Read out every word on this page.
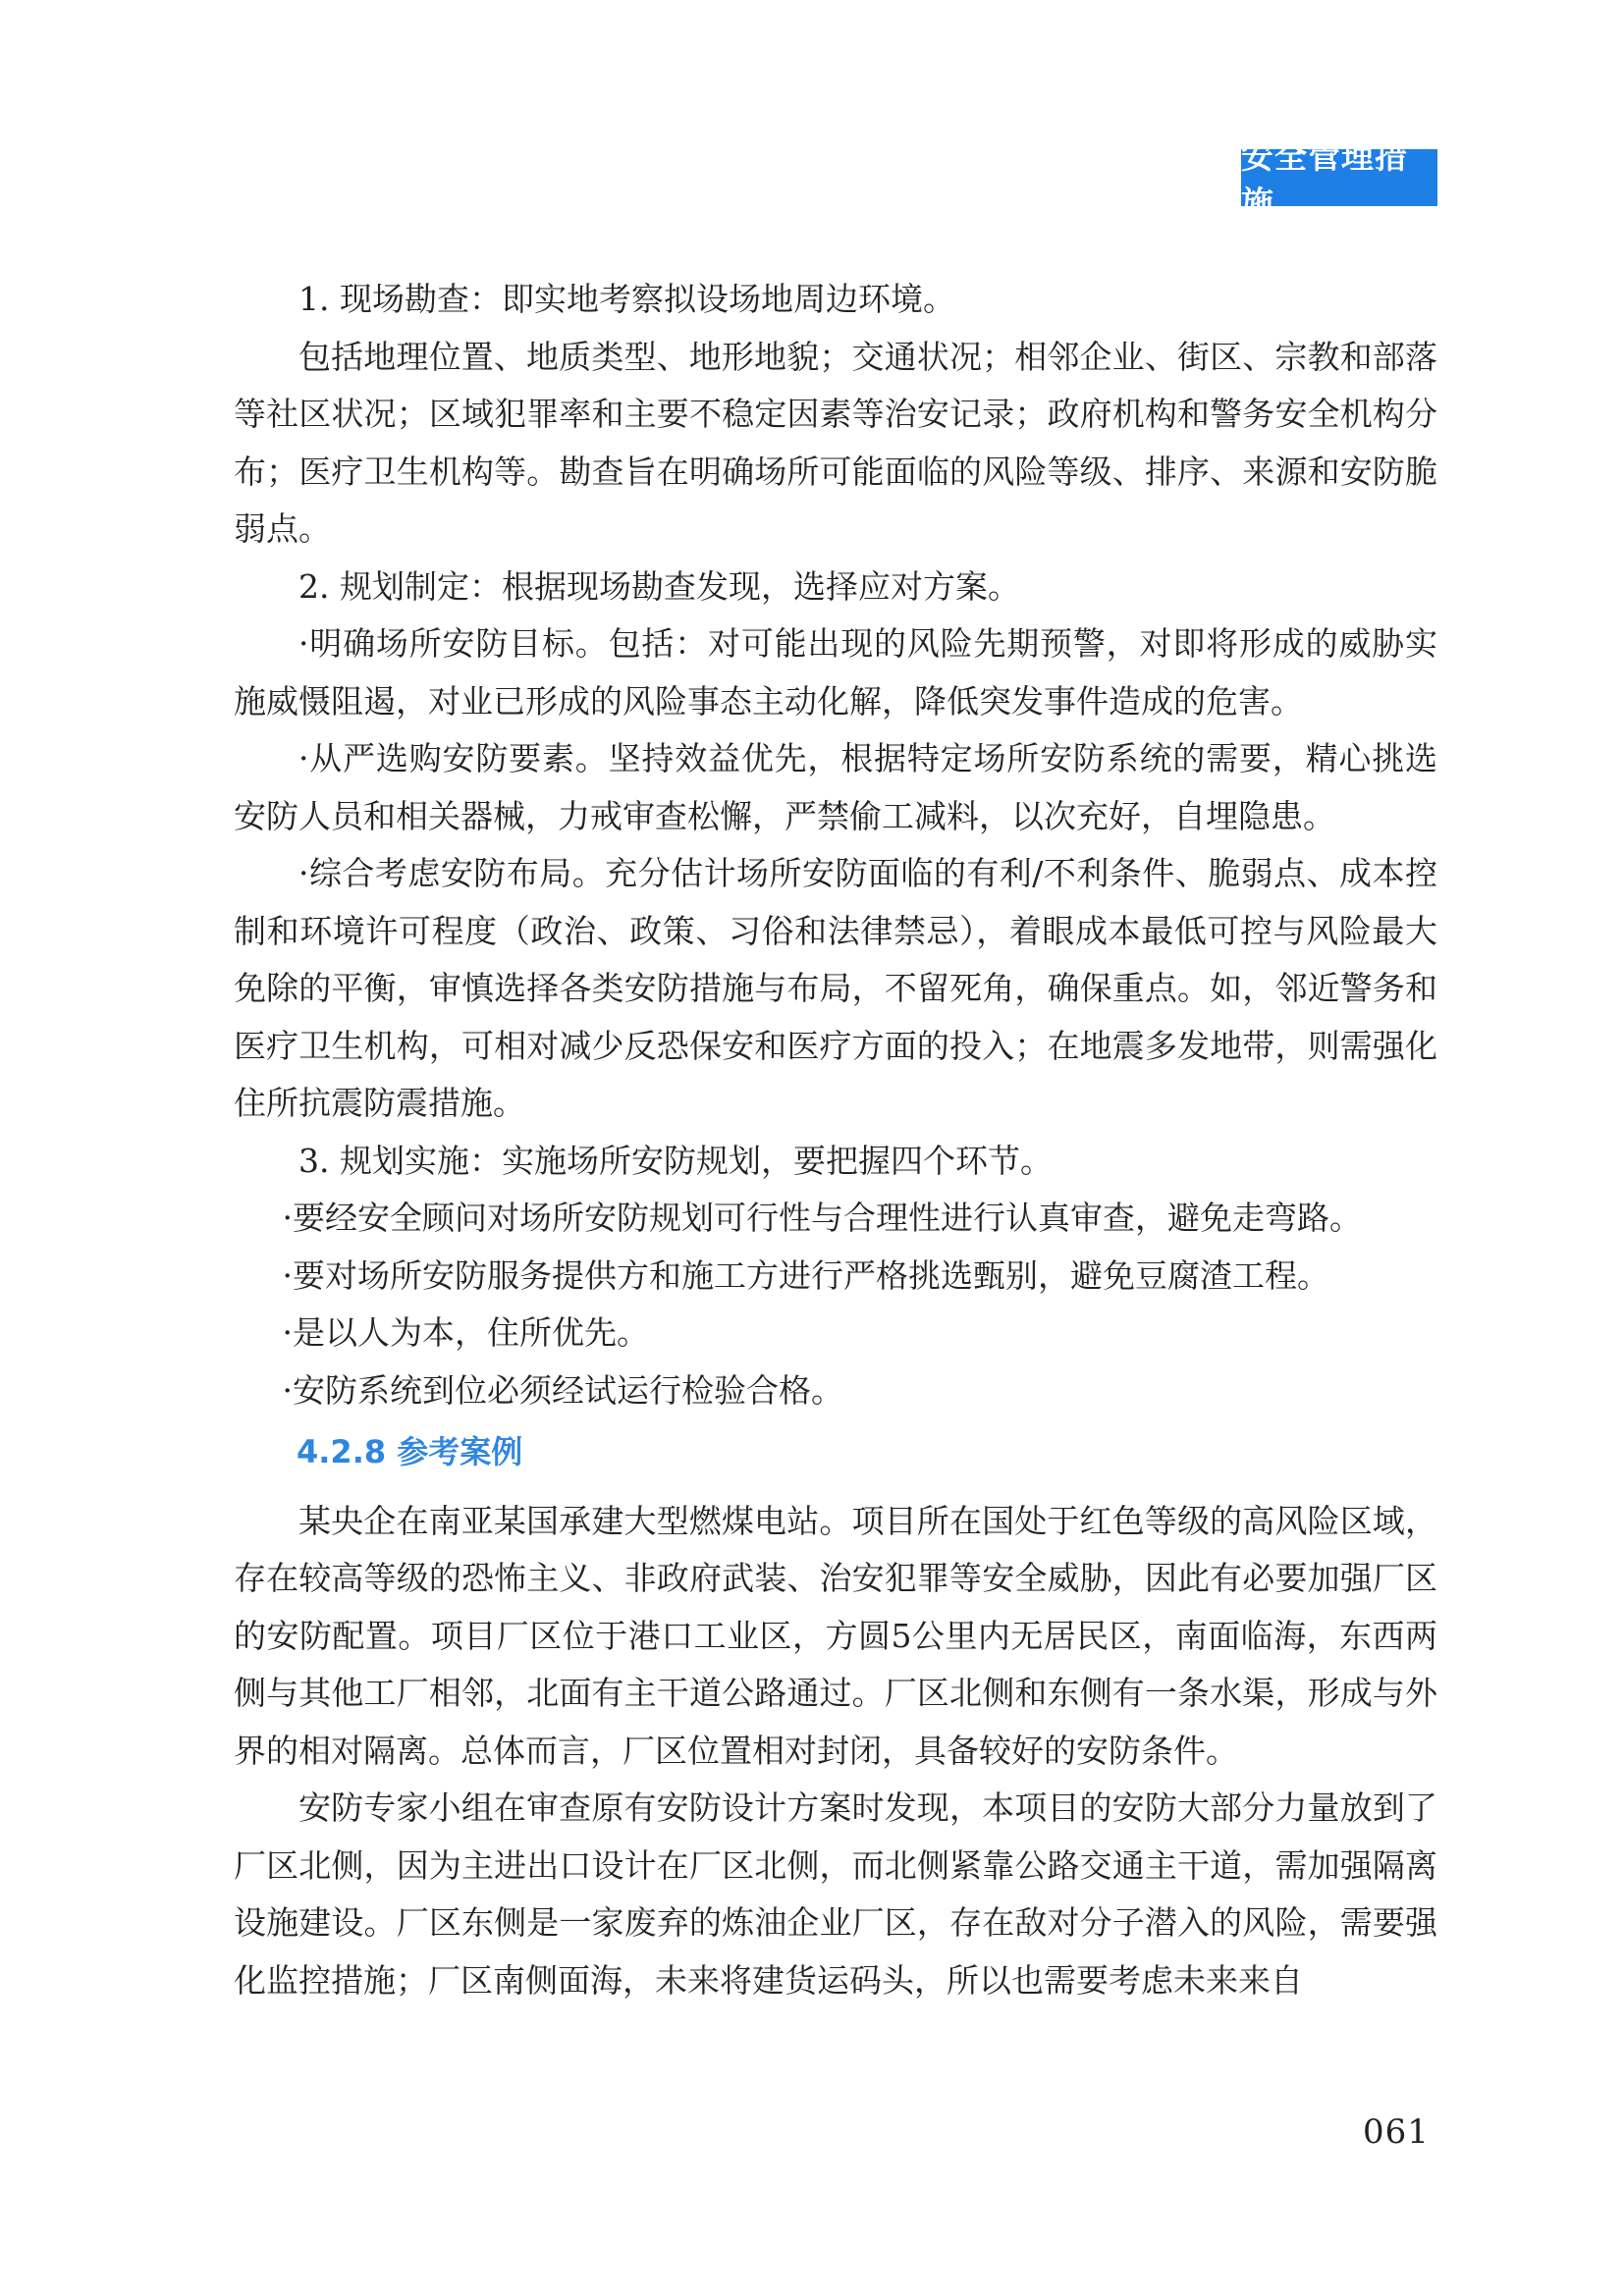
安全管理措施

1. 现场勘查：即实地考察拟设场地周边环境。

包括地理位置、地质类型、地形地貌；交通状况；相邻企业、街区、宗教和部落等社区状况；区域犯罪率和主要不稳定因素等治安记录；政府机构和警务安全机构分布；医疗卫生机构等。勘查旨在明确场所可能面临的风险等级、排序、来源和安防脆弱点。

2. 规划制定：根据现场勘查发现，选择应对方案。

·明确场所安防目标。包括：对可能出现的风险先期预警，对即将形成的威胁实施威慑阻遏，对业已形成的风险事态主动化解，降低突发事件造成的危害。

·从严选购安防要素。坚持效益优先，根据特定场所安防系统的需要，精心挑选安防人员和相关器械，力戒审查松懈，严禁偷工减料，以次充好，自埋隐患。

·综合考虑安防布局。充分估计场所安防面临的有利/不利条件、脆弱点、成本控制和环境许可程度（政治、政策、习俗和法律禁忌），着眼成本最低可控与风险最大免除的平衡，审慎选择各类安防措施与布局，不留死角，确保重点。如，邻近警务和医疗卫生机构，可相对减少反恐保安和医疗方面的投入；在地震多发地带，则需强化住所抗震防震措施。

3. 规划实施：实施场所安防规划，要把握四个环节。

·要经安全顾问对场所安防规划可行性与合理性进行认真审查，避免走弯路。

·要对场所安防服务提供方和施工方进行严格挑选甄别，避免豆腐渣工程。

·是以人为本，住所优先。

·安防系统到位必须经试运行检验合格。

4.2.8 参考案例

某央企在南亚某国承建大型燃煤电站。项目所在国处于红色等级的高风险区域，存在较高等级的恐怖主义、非政府武装、治安犯罪等安全威胁，因此有必要加强厂区的安防配置。项目厂区位于港口工业区，方圆5公里内无居民区，南面临海，东西两侧与其他工厂相邻，北面有主干道公路通过。厂区北侧和东侧有一条水渠，形成与外界的相对隔离。总体而言，厂区位置相对封闭，具备较好的安防条件。

安防专家小组在审查原有安防设计方案时发现，本项目的安防大部分力量放到了厂区北侧，因为主进出口设计在厂区北侧，而北侧紧靠公路交通主干道，需加强隔离设施建设。厂区东侧是一家废弃的炼油企业厂区，存在敌对分子潜入的风险，需要强化监控措施；厂区南侧面海，未来将建货运码头，所以也需要考虑未来来自

061
